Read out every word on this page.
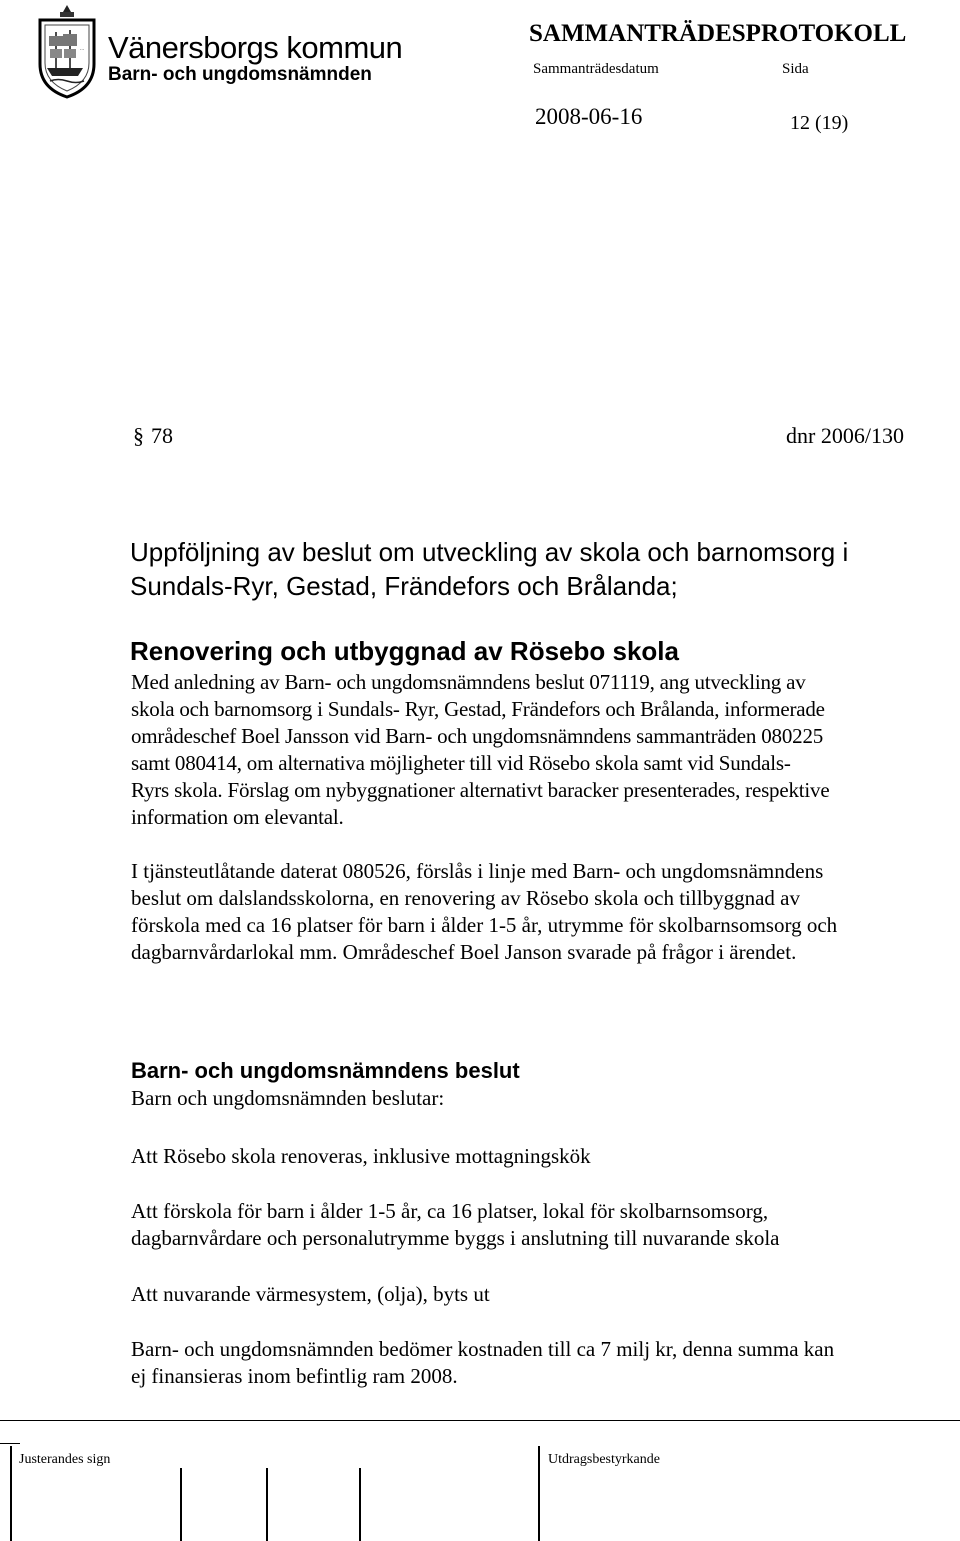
... Vänersborgs kommun
Barn- och ungdomsnämnden
SAMMANTRÄDESPROTOKOLL
Sammanträdesdatum	Sida
2008-06-16	12 (19)
§ 78	dnr 2006/130
Uppföljning av beslut om utveckling av skola och barnomsorg i
Sundals-Ryr, Gestad, Frändefors och Brålanda;
Renovering och utbyggnad av Rösebo skola
Med anledning av Barn- och ungdomsnämndens beslut 071119, ang utveckling av
skola och barnomsorg i Sundals- Ryr, Gestad, Frändefors och Brålanda, informerade
områdeschef Boel Jansson vid Barn- och ungdomsnämndens sammanträden 080225
samt 080414, om alternativa möjligheter till vid Rösebo skola samt vid Sundals-
Ryrs skola. Förslag om nybyggnationer alternativt baracker presenterades, respektive
information om elevantal.
I tjänsteutlåtande daterat 080526, förslås i linje med Barn- och ungdomsnämndens
beslut om dalslandsskolorna, en renovering av Rösebo skola och tillbyggnad av
förskola med ca 16 platser för barn i ålder 1-5 år, utrymme för skolbarnsomsorg och
dagbarnvårdarlokal mm. Områdeschef Boel Janson svarade på frågor i ärendet.
Barn- och ungdomsnämndens beslut
Barn och ungdomsnämnden beslutar:
Att Rösebo skola renoveras, inklusive mottagningskök
Att förskola för barn i ålder 1-5 år, ca 16 platser, lokal för skolbarnsomsorg,
dagbarnvårdare och personalutrymme byggs i anslutning till nuvarande skola
Att nuvarande värmesystem, (olja), byts ut
Barn- och ungdomsnämnden bedömer kostnaden till ca 7 milj kr, denna summa kan
ej finansieras inom befintlig ram 2008.
Justerandes sign	Utdragsbestyrkande
